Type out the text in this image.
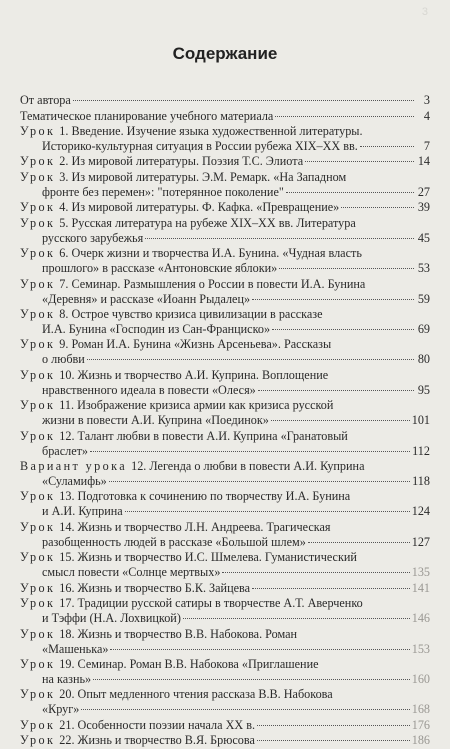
3
Содержание
От автора	3
Тематическое планирование учебного материала	4
Урок 1.
Введение. Изучение языка художественной литературы.
Историко-культурная ситуация в России рубежа XIX–XX вв.	7
Урок 2.
Из мировой литературы. Поэзия Т.С. Элиота	14
Урок 3.
Из мировой литературы. Э.М. Ремарк. «На Западном
фронте без перемен»: "потерянное поколение"	27
Урок 4.
Из мировой литературы. Ф. Кафка. «Превращение»	39
Урок 5.
Русская литература на рубеже XIX–XX вв. Литература
русского зарубежья	45
Урок 6.
Очерк жизни и творчества И.А. Бунина. «Чудная власть
прошлого» в рассказе «Антоновские яблоки»	53
Урок 7.
Семинар. Размышления о России в повести И.А. Бунина
«Деревня» и рассказе «Иоанн Рыдалец»	59
Урок 8.
Острое чувство кризиса цивилизации в рассказе
И.А. Бунина «Господин из Сан-Франциско»	69
Урок 9.
Роман И.А. Бунина «Жизнь Арсеньева». Рассказы
о любви	80
Урок 10.
Жизнь и творчество А.И. Куприна. Воплощение
нравственного идеала в повести «Олеся»	95
Урок 11.
Изображение кризиса армии как кризиса русской
жизни в повести А.И. Куприна «Поединок»	101
Урок 12.
Талант любви в повести А.И. Куприна «Гранатовый
браслет»	112
Вариант урока 12.
Легенда о любви в повести А.И. Куприна
«Суламифь»	118
Урок 13.
Подготовка к сочинению по творчеству И.А. Бунина
и А.И. Куприна	124
Урок 14.
Жизнь и творчество Л.Н. Андреева. Трагическая
разобщенность людей в рассказе «Большой шлем»	127
Урок 15.
Жизнь и творчество И.С. Шмелева. Гуманистический
смысл повести «Солнце мертвых»	135
Урок 16.
Жизнь и творчество Б.К. Зайцева	141
Урок 17.
Традиции русской сатиры в творчестве А.Т. Аверченко
и Тэффи (Н.А. Лохвицкой)	146
Урок 18.
Жизнь и творчество В.В. Набокова. Роман
«Машенька»	153
Урок 19.
Семинар. Роман В.В. Набокова «Приглашение
на казнь»	160
Урок 20.
Опыт медленного чтения рассказа В.В. Набокова
«Круг»	168
Урок 21.
Особенности поэзии начала XX в.	176
Урок 22.
Жизнь и творчество В.Я. Брюсова	186
